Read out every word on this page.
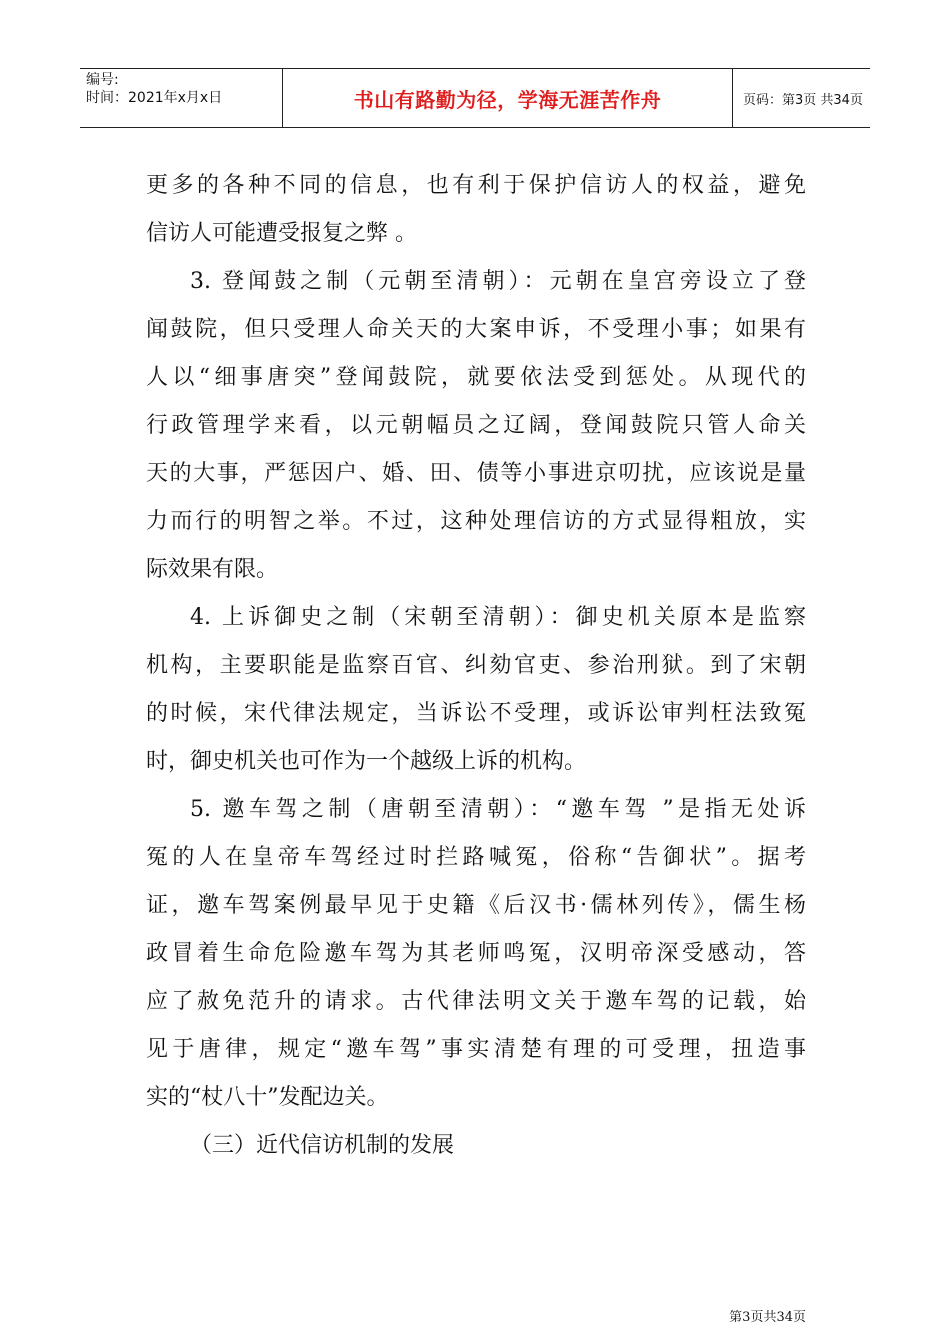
编号:
时间：2021年x月x日	书山有路勤为径，学海无涯苦作舟	页码：第3页 共34页
更多的各种不同的信息，也有利于保护信访人的权益，避免
信访人可能遭受报复之弊 。
3. 登闻鼓之制（元朝至清朝）：元朝在皇宫旁设立了登
闻鼓院，但只受理人命关天的大案申诉，不受理小事；如果有
人以“细事唐突”登闻鼓院，就要依法受到惩处。从现代的
行政管理学来看，以元朝幅员之辽阔，登闻鼓院只管人命关
天的大事，严惩因户、婚、田、债等小事进京叨扰，应该说是量
力而行的明智之举。不过，这种处理信访的方式显得粗放，实
际效果有限。
4. 上诉御史之制（宋朝至清朝）：御史机关原本是监察
机构，主要职能是监察百官、纠劾官吏、参治刑狱。到了宋朝
的时候，宋代律法规定，当诉讼不受理，或诉讼审判枉法致冤
时，御史机关也可作为一个越级上诉的机构。
5. 邀车驾之制（唐朝至清朝）：“邀车驾 ”是指无处诉
冤的人在皇帝车驾经过时拦路喊冤，俗称“告御状”。据考
证，邀车驾案例最早见于史籍《后汉书·儒林列传》，儒生杨
政冒着生命危险邀车驾为其老师鸣冤，汉明帝深受感动，答
应了赦免范升的请求。古代律法明文关于邀车驾的记载，始
见于唐律，规定“邀车驾”事实清楚有理的可受理，扭造事
实的“杖八十”发配边关。
（三）近代信访机制的发展
第3页共34页
